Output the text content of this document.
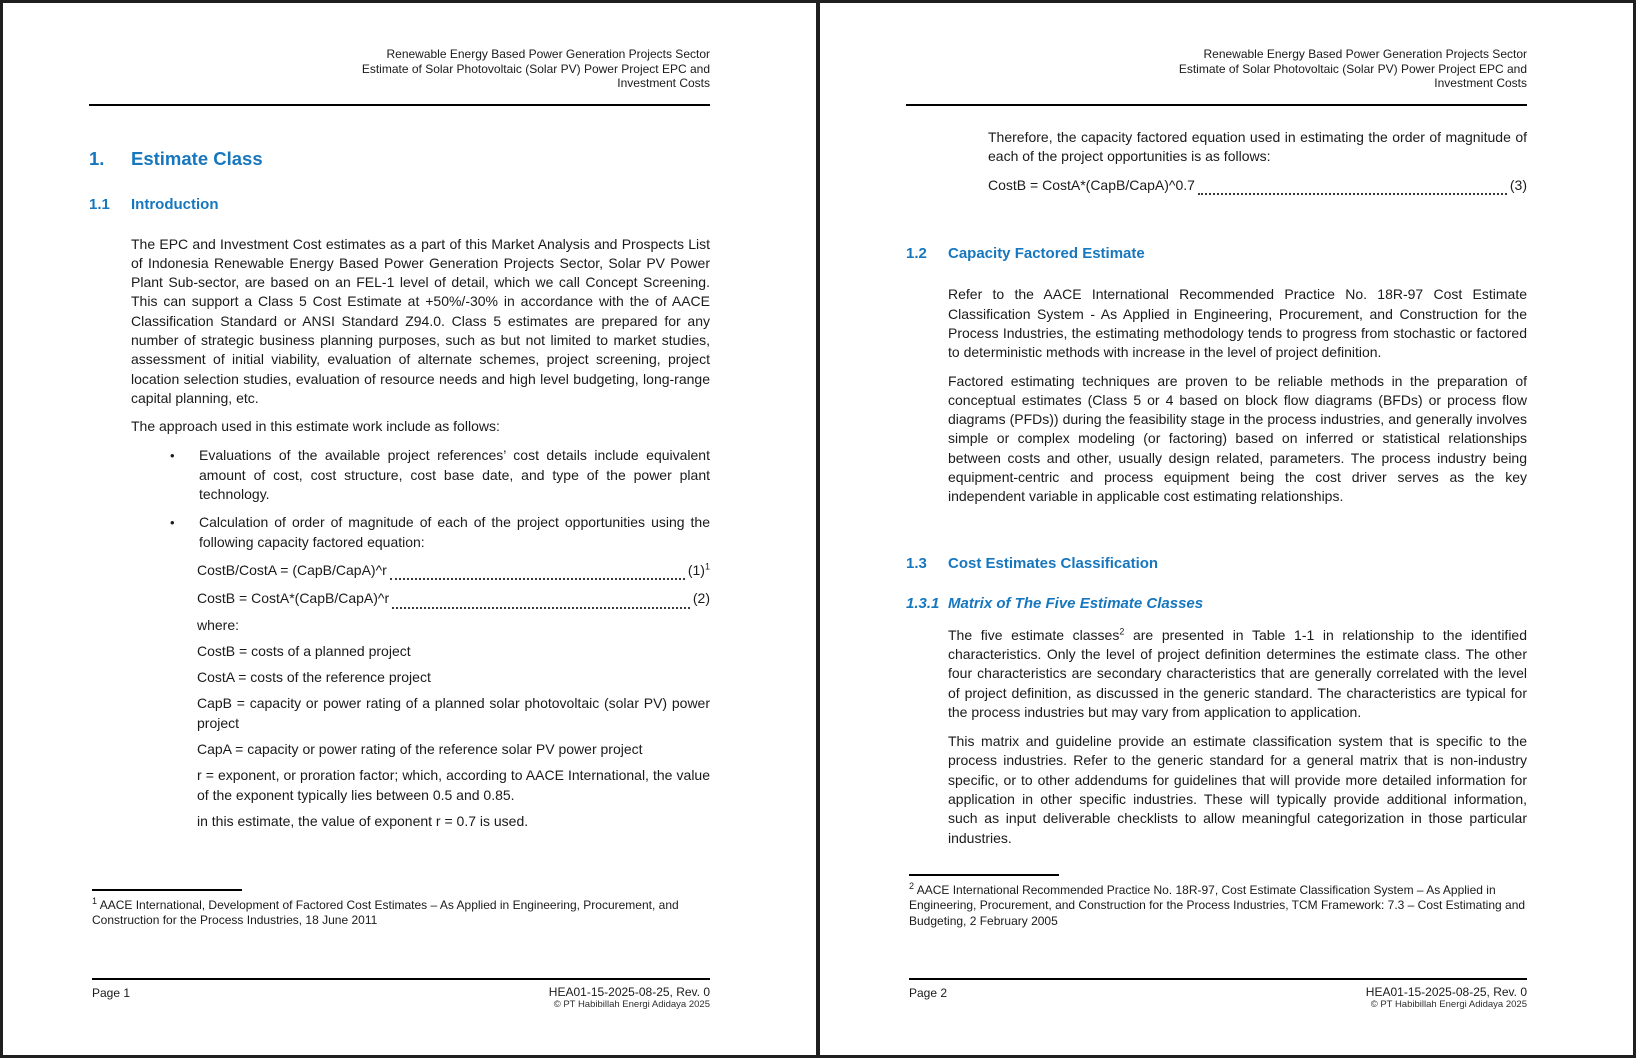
Renewable Energy Based Power Generation Projects Sector
Estimate of Solar Photovoltaic (Solar PV) Power Project EPC and
Investment Costs
1.	Estimate Class
1.1	Introduction

The EPC and Investment Cost estimates as a part of this Market Analysis and Prospects List of Indonesia Renewable Energy Based Power Generation Projects Sector, Solar PV Power Plant Sub-sector, are based on an FEL-1 level of detail, which we call Concept Screening. This can support a Class 5 Cost Estimate at +50%/-30% in accordance with the of AACE Classification Standard or ANSI Standard Z94.0. Class 5 estimates are prepared for any number of strategic business planning purposes, such as but not limited to market studies, assessment of initial viability, evaluation of alternate schemes, project screening, project location selection studies, evaluation of resource needs and high level budgeting, long-range capital planning, etc.

The approach used in this estimate work include as follows:

•	Evaluations of the available project references’ cost details include equivalent amount of cost, cost structure, cost base date, and type of the power plant technology.

•	Calculation of order of magnitude of each of the project opportunities using the following capacity factored equation:

CostB/CostA = (CapB/CapA)^r	$(1)^1$
CostB = CostA*(CapB/CapA)^r	(2)

where:

CostB = costs of a planned project

CostA = costs of the reference project

CapB = capacity or power rating of a planned solar photovoltaic (solar PV) power project

CapA = capacity or power rating of the reference solar PV power project

r = exponent, or proration factor; which, according to AACE International, the value of the exponent typically lies between 0.5 and 0.85.

in this estimate, the value of exponent r = 0.7 is used.

$^1$ AACE International, Development of Factored Cost Estimates – As Applied in Engineering, Procurement, and Construction for the Process Industries, 18 June 2011
Page 1	HEA01-15-2025-08-25, Rev. 0
© PT Habibillah Energi Adidaya 2025
Renewable Energy Based Power Generation Projects Sector
Estimate of Solar Photovoltaic (Solar PV) Power Project EPC and
Investment Costs

Therefore, the capacity factored equation used in estimating the order of magnitude of each of the project opportunities is as follows:

CostB = CostA*(CapB/CapA)^0.7	(3)
1.2	Capacity Factored Estimate

Refer to the AACE International Recommended Practice No. 18R-97 Cost Estimate Classification System - As Applied in Engineering, Procurement, and Construction for the Process Industries, the estimating methodology tends to progress from stochastic or factored to deterministic methods with increase in the level of project definition.

Factored estimating techniques are proven to be reliable methods in the preparation of conceptual estimates (Class 5 or 4 based on block flow diagrams (BFDs) or process flow diagrams (PFDs)) during the feasibility stage in the process industries, and generally involves simple or complex modeling (or factoring) based on inferred or statistical relationships between costs and other, usually design related, parameters. The process industry being equipment-centric and process equipment being the cost driver serves as the key independent variable in applicable cost estimating relationships.

1.3	Cost Estimates Classification
1.3.1 Matrix of The Five Estimate Classes

The five estimate classes$^2$ are presented in Table 1-1 in relationship to the identified characteristics. Only the level of project definition determines the estimate class. The other four characteristics are secondary characteristics that are generally correlated with the level of project definition, as discussed in the generic standard. The characteristics are typical for the process industries but may vary from application to application.

This matrix and guideline provide an estimate classification system that is specific to the process industries. Refer to the generic standard for a general matrix that is non-industry specific, or to other addendums for guidelines that will provide more detailed information for application in other specific industries. These will typically provide additional information, such as input deliverable checklists to allow meaningful categorization in those particular industries.

$^2$ AACE International Recommended Practice No. 18R-97, Cost Estimate Classification System – As Applied in Engineering, Procurement, and Construction for the Process Industries, TCM Framework: 7.3 – Cost Estimating and Budgeting, 2 February 2005
Page 2	HEA01-15-2025-08-25, Rev. 0
© PT Habibillah Energi Adidaya 2025
